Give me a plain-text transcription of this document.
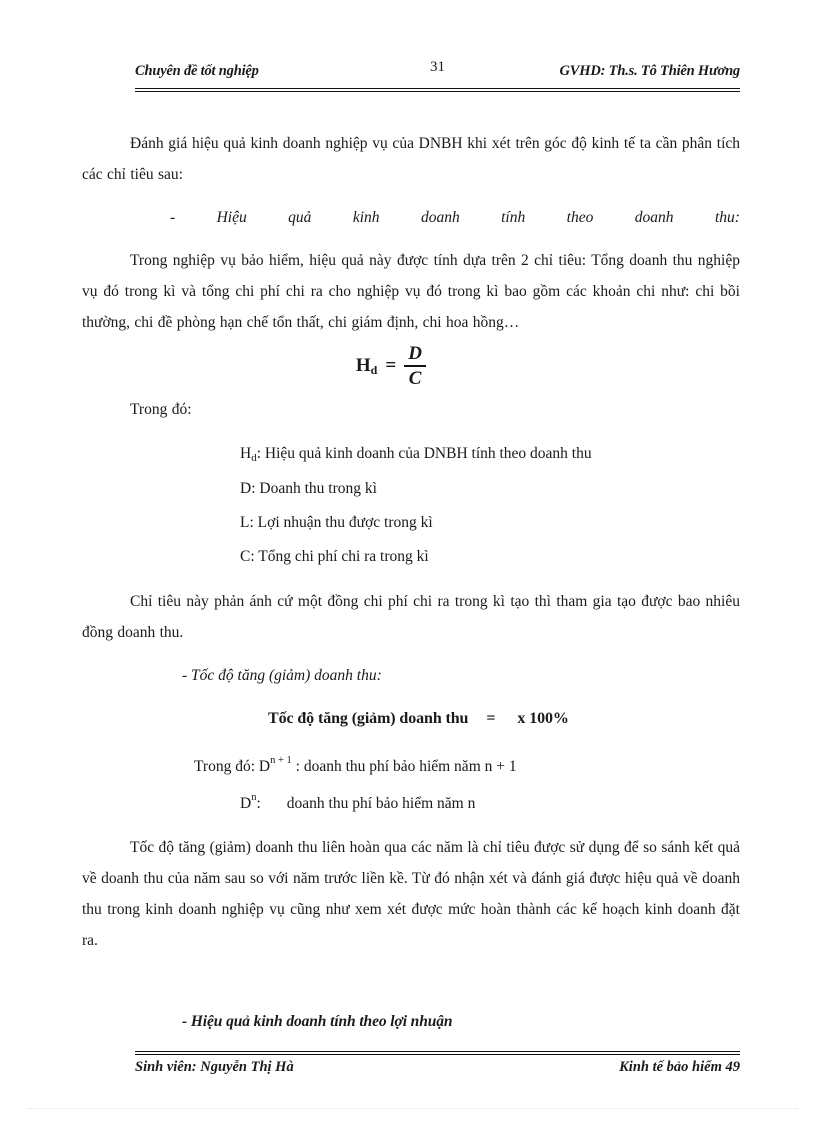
Chuyên đề tốt nghiệp	31	GVHD: Th.s. Tô Thiên Hương

Đánh giá hiệu quả kinh doanh nghiệp vụ của DNBH khi xét trên góc độ kinh tế ta cần phân tích các chỉ tiêu sau:

-	Hiệu	quả	kinh	doanh	tính	theo	doanh	thu:

Trong nghiệp vụ bảo hiểm, hiệu quả này được tính dựa trên 2 chỉ tiêu: Tổng doanh thu nghiệp vụ đó trong kì và tổng chi phí chi ra cho nghiệp vụ đó trong kì bao gồm các khoản chi như: chi bồi thường, chi đề phòng hạn chế tổn thất, chi giám định, chi hoa hồng…

H $d = \frac{D}{C}$

Trong đó:

Hd: Hiệu quả kinh doanh của DNBH tính theo doanh thu
D: Doanh thu trong kì
L: Lợi nhuận thu được trong kì
C: Tổng chi phí chi ra trong kì

Chỉ tiêu này phản ánh cứ một đồng chi phí chi ra trong kì tạo thì tham gia tạo được bao nhiêu đồng doanh thu.

- Tốc độ tăng (giảm) doanh thu:
Tốc độ tăng (giảm) doanh thu = x 100%
Trong đó: $D^{n + 1}$ : doanh thu phí bảo hiểm năm n + 1
$D^n$: doanh thu phí bảo hiểm năm n

Tốc độ tăng (giảm) doanh thu liên hoàn qua các năm là chỉ tiêu được sử dụng để so sánh kết quả về doanh thu của năm sau so với năm trước liền kề. Từ đó nhận xét và đánh giá được hiệu quả về doanh thu trong kinh doanh nghiệp vụ cũng như xem xét được mức hoàn thành các kế hoạch kinh doanh đặt ra.

- Hiệu quả kinh doanh tính theo lợi nhuận
Sinh viên: Nguyễn Thị Hà	Kinh tế bảo hiểm 49
